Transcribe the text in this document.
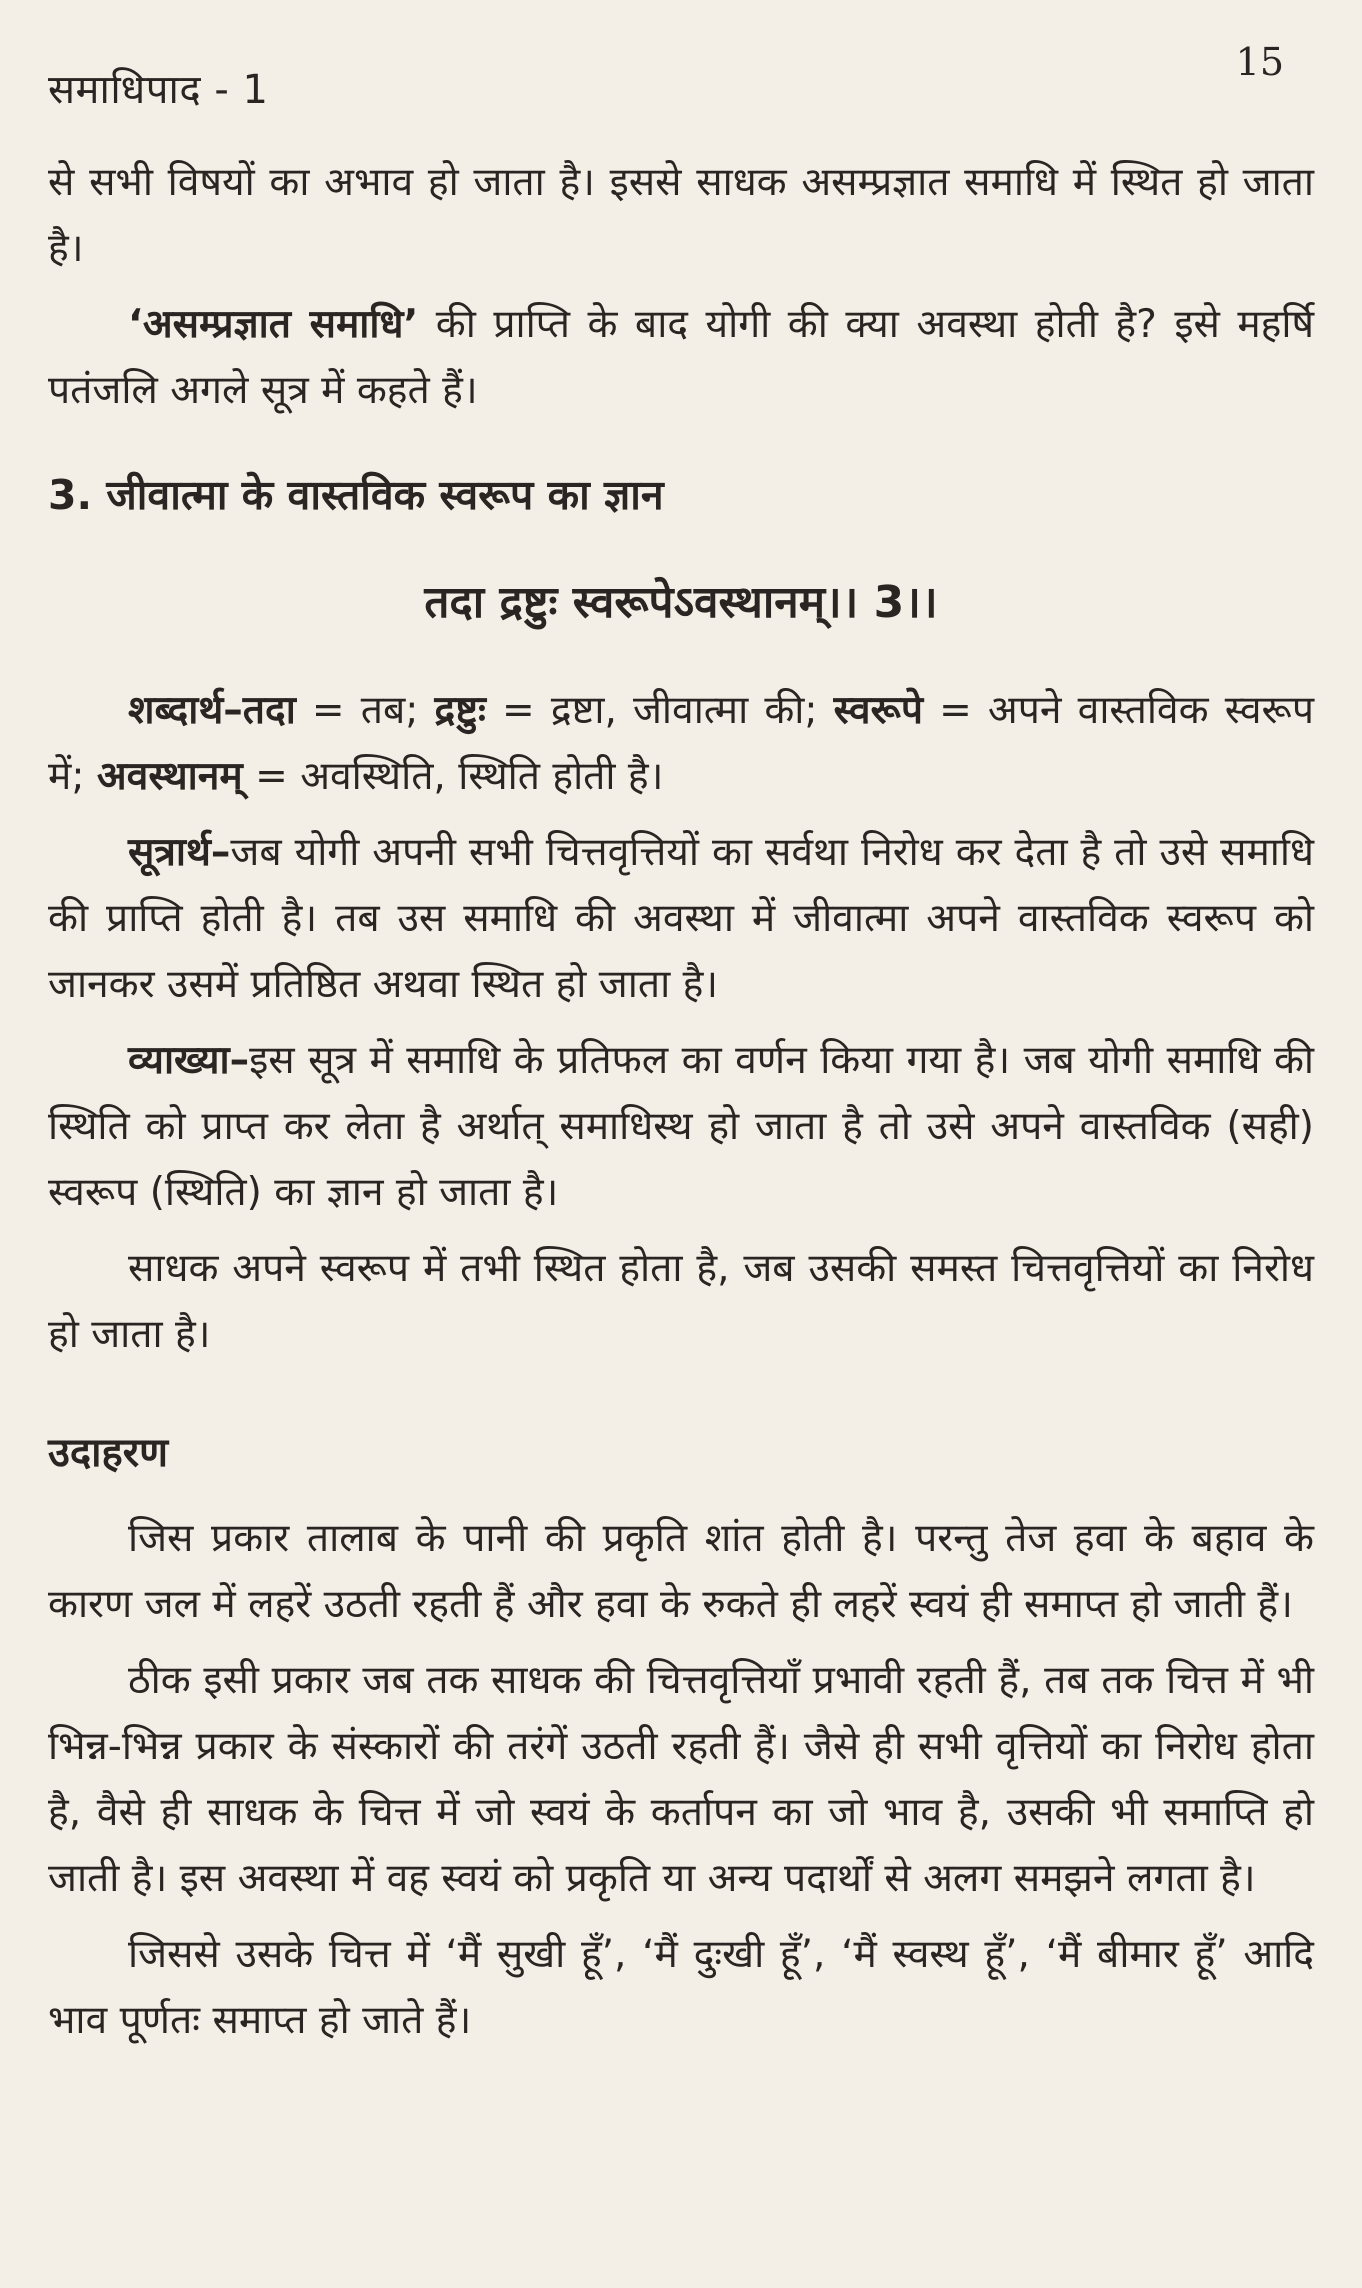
समाधिपाद - 1
15

से सभी विषयों का अभाव हो जाता है। इससे साधक असम्प्रज्ञात समाधि में स्थित हो जाता है।

‘असम्प्रज्ञात समाधि’ की प्राप्ति के बाद योगी की क्या अवस्था होती है? इसे महर्षि पतंजलि अगले सूत्र में कहते हैं।

3. जीवात्मा के वास्तविक स्वरूप का ज्ञान
तदा द्रष्टुः स्वरूपेऽवस्थानम्।। 3।।

शब्दार्थ–तदा = तब; द्रष्टुः = द्रष्टा, जीवात्मा की; स्वरूपे = अपने वास्तविक स्वरूप में; अवस्थानम् = अवस्थिति, स्थिति होती है।

सूत्रार्थ–जब योगी अपनी सभी चित्तवृत्तियों का सर्वथा निरोध कर देता है तो उसे समाधि की प्राप्ति होती है। तब उस समाधि की अवस्था में जीवात्मा अपने वास्तविक स्वरूप को जानकर उसमें प्रतिष्ठित अथवा स्थित हो जाता है।

व्याख्या–इस सूत्र में समाधि के प्रतिफल का वर्णन किया गया है। जब योगी समाधि की स्थिति को प्राप्त कर लेता है अर्थात् समाधिस्थ हो जाता है तो उसे अपने वास्तविक (सही) स्वरूप (स्थिति) का ज्ञान हो जाता है।

साधक अपने स्वरूप में तभी स्थित होता है, जब उसकी समस्त चित्तवृत्तियों का निरोध हो जाता है।

उदाहरण

जिस प्रकार तालाब के पानी की प्रकृति शांत होती है। परन्तु तेज हवा के बहाव के कारण जल में लहरें उठती रहती हैं और हवा के रुकते ही लहरें स्वयं ही समाप्त हो जाती हैं।

ठीक इसी प्रकार जब तक साधक की चित्तवृत्तियाँ प्रभावी रहती हैं, तब तक चित्त में भी भिन्न-भिन्न प्रकार के संस्कारों की तरंगें उठती रहती हैं। जैसे ही सभी वृत्तियों का निरोध होता है, वैसे ही साधक के चित्त में जो स्वयं के कर्तापन का जो भाव है, उसकी भी समाप्ति हो जाती है। इस अवस्था में वह स्वयं को प्रकृति या अन्य पदार्थों से अलग समझने लगता है।

जिससे उसके चित्त में ‘मैं सुखी हूँ’, ‘मैं दुःखी हूँ’, ‘मैं स्वस्थ हूँ’, ‘मैं बीमार हूँ’ आदि भाव पूर्णतः समाप्त हो जाते हैं।
